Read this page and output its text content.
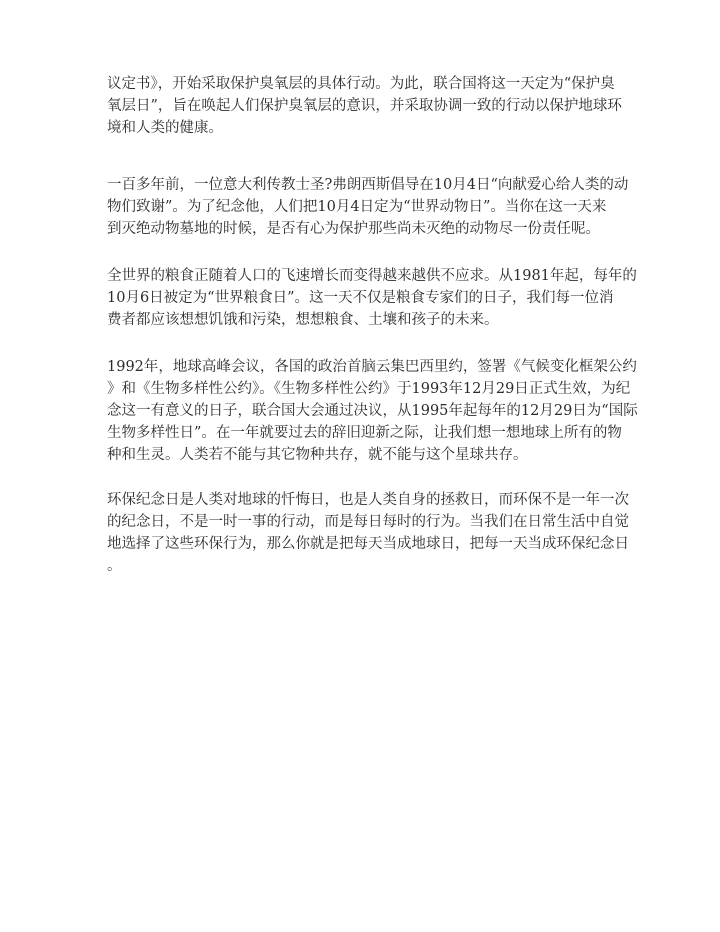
议定书》，开始采取保护臭氧层的具体行动。为此，联合国将这一天定为“保护臭
氧层日”，旨在唤起人们保护臭氧层的意识，并采取协调一致的行动以保护地球环
境和人类的健康。
一百多年前，一位意大利传教士圣?弗朗西斯倡导在10月4日“向献爱心给人类的动
物们致谢”。为了纪念他，人们把10月4日定为“世界动物日”。当你在这一天来
到灭绝动物墓地的时候，是否有心为保护那些尚未灭绝的动物尽一份责任呢。
全世界的粮食正随着人口的飞速增长而变得越来越供不应求。从1981年起，每年的
10月6日被定为“世界粮食日”。这一天不仅是粮食专家们的日子，我们每一位消
费者都应该想想饥饿和污染，想想粮食、土壤和孩子的未来。
1992年，地球高峰会议，各国的政治首脑云集巴西里约，签署《气候变化框架公约
》和《生物多样性公约》。《生物多样性公约》于1993年12月29日正式生效，为纪
念这一有意义的日子，联合国大会通过决议，从1995年起每年的12月29日为“国际
生物多样性日”。在一年就要过去的辞旧迎新之际，让我们想一想地球上所有的物
种和生灵。人类若不能与其它物种共存，就不能与这个星球共存。
环保纪念日是人类对地球的忏悔日，也是人类自身的拯救日，而环保不是一年一次
的纪念日，不是一时一事的行动，而是每日每时的行为。当我们在日常生活中自觉
地选择了这些环保行为，那么你就是把每天当成地球日，把每一天当成环保纪念日
。
